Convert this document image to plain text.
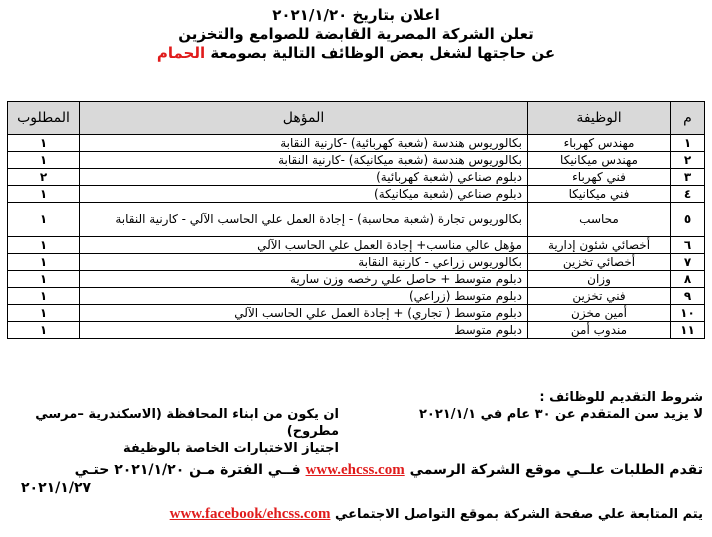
اعلان بتاريخ ٢٠٢١/١/٢٠
تعلن الشركة المصرية القابضة للصوامع والتخزين
عن حاجتها لشغل بعض الوظائف التالية بصومعة الحمام
م	الوظيفة	المؤهل	المطلوب
١	مهندس كهرباء	بكالوريوس هندسة (شعبة كهربائية) -كارنية النقابة	١
٢	مهندس ميكانيكا	بكالوريوس هندسة (شعبة ميكانيكة) -كارنية النقابة	١
٣	فني كهرباء	دبلوم صناعي (شعبة كهربائية)	٢
٤	فني ميكانيكا	دبلوم صناعي (شعبة ميكانيكة)	١
٥	محاسب	بكالوريوس تجارة (شعبة محاسبة) - إجادة العمل علي الحاسب الآلي - كارنية النقابة	١
٦	أخصائي شئون إدارية	مؤهل عالي مناسب+ إجادة العمل علي الحاسب الآلي	١
٧	أخصائي تخزين	بكالوريوس زراعي - كارنية النقابة	١
٨	وزان	دبلوم متوسط + حاصل علي رخصه وزن سارية	١
٩	فني تخزين	دبلوم متوسط (زراعي)	١
١٠	أمين مخزن	دبلوم متوسط ( تجاري) + إجادة العمل علي الحاسب الآلي	١
١١	مندوب أمن	دبلوم متوسط	١
شروط التقديم للوظائف :
لا يزيد سن المتقدم عن ٣٠ عام في ٢٠٢١/١/١
ان يكون من ابناء المحافظة (الاسكندرية –مرسي مطروح)
اجتياز الاختبارات الخاصة بالوظيفة
تقدم الطلبات علــي موقع الشركة الرسمي www.ehcss.com فــي الفترة مـن ٢٠٢١/١/٢٠ حتـي
٢٠٢١/١/٢٧
يتم المتابعة علي صفحة الشركة بموقع التواصل الاجتماعي www.facebook/ehcss.com
